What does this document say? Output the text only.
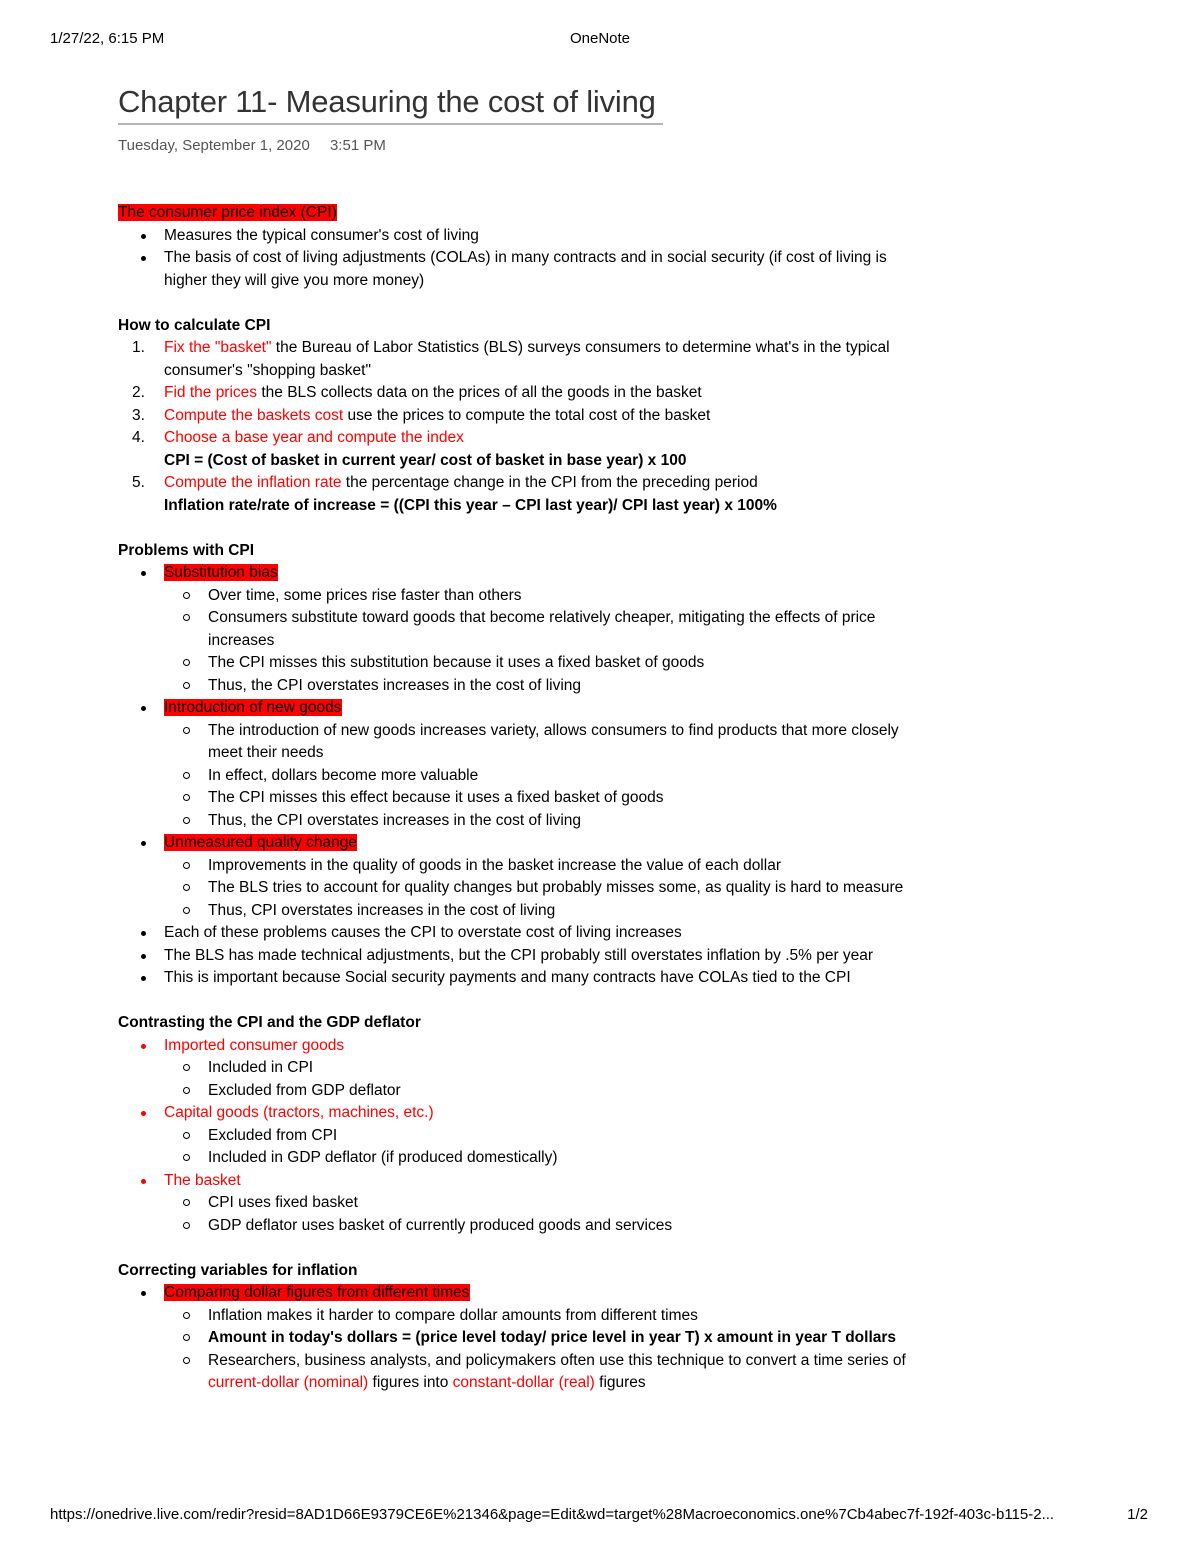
1/27/22, 6:15 PM	OneNote
Chapter 11- Measuring the cost of living
Tuesday, September 1, 2020 3:51 PM

The consumer price index (CPI)

Measures the typical consumer's cost of living
The basis of cost of living adjustments (COLAs) in many contracts and in social security (if cost of living is higher they will give you more money)

How to calculate CPI

1. Fix the "basket" the Bureau of Labor Statistics (BLS) surveys consumers to determine what's in the typical consumer's "shopping basket"
2. Fid the prices the BLS collects data on the prices of all the goods in the basket
3. Compute the baskets cost use the prices to compute the total cost of the basket
4. Choose a base year and compute the index
CPI = (Cost of basket in current year/ cost of basket in base year) x 100
5. Compute the inflation rate the percentage change in the CPI from the preceding period
Inflation rate/rate of increase = ((CPI this year – CPI last year)/ CPI last year) x 100%

Problems with CPI

Substitution bias
Over time, some prices rise faster than others
Consumers substitute toward goods that become relatively cheaper, mitigating the effects of price increases
The CPI misses this substitution because it uses a fixed basket of goods
Thus, the CPI overstates increases in the cost of living
Introduction of new goods
The introduction of new goods increases variety, allows consumers to find products that more closely meet their needs
In effect, dollars become more valuable
The CPI misses this effect because it uses a fixed basket of goods
Thus, the CPI overstates increases in the cost of living
Unmeasured quality change
Improvements in the quality of goods in the basket increase the value of each dollar
The BLS tries to account for quality changes but probably misses some, as quality is hard to measure
Thus, CPI overstates increases in the cost of living
Each of these problems causes the CPI to overstate cost of living increases
The BLS has made technical adjustments, but the CPI probably still overstates inflation by .5% per year
This is important because Social security payments and many contracts have COLAs tied to the CPI

Contrasting the CPI and the GDP deflator

Imported consumer goods
Included in CPI
Excluded from GDP deflator
Capital goods (tractors, machines, etc.)
Excluded from CPI
Included in GDP deflator (if produced domestically)
The basket
CPI uses fixed basket
GDP deflator uses basket of currently produced goods and services

Correcting variables for inflation

Comparing dollar figures from different times
Inflation makes it harder to compare dollar amounts from different times
Amount in today's dollars = (price level today/ price level in year T) x amount in year T dollars
Researchers, business analysts, and policymakers often use this technique to convert a time series of current-dollar (nominal) figures into constant-dollar (real) figures
https://onedrive.live.com/redir?resid=8AD1D66E9379CE6E%21346&page=Edit&wd=target%28Macroeconomics.one%7Cb4abec7f-192f-403c-b115-2...	1/2
